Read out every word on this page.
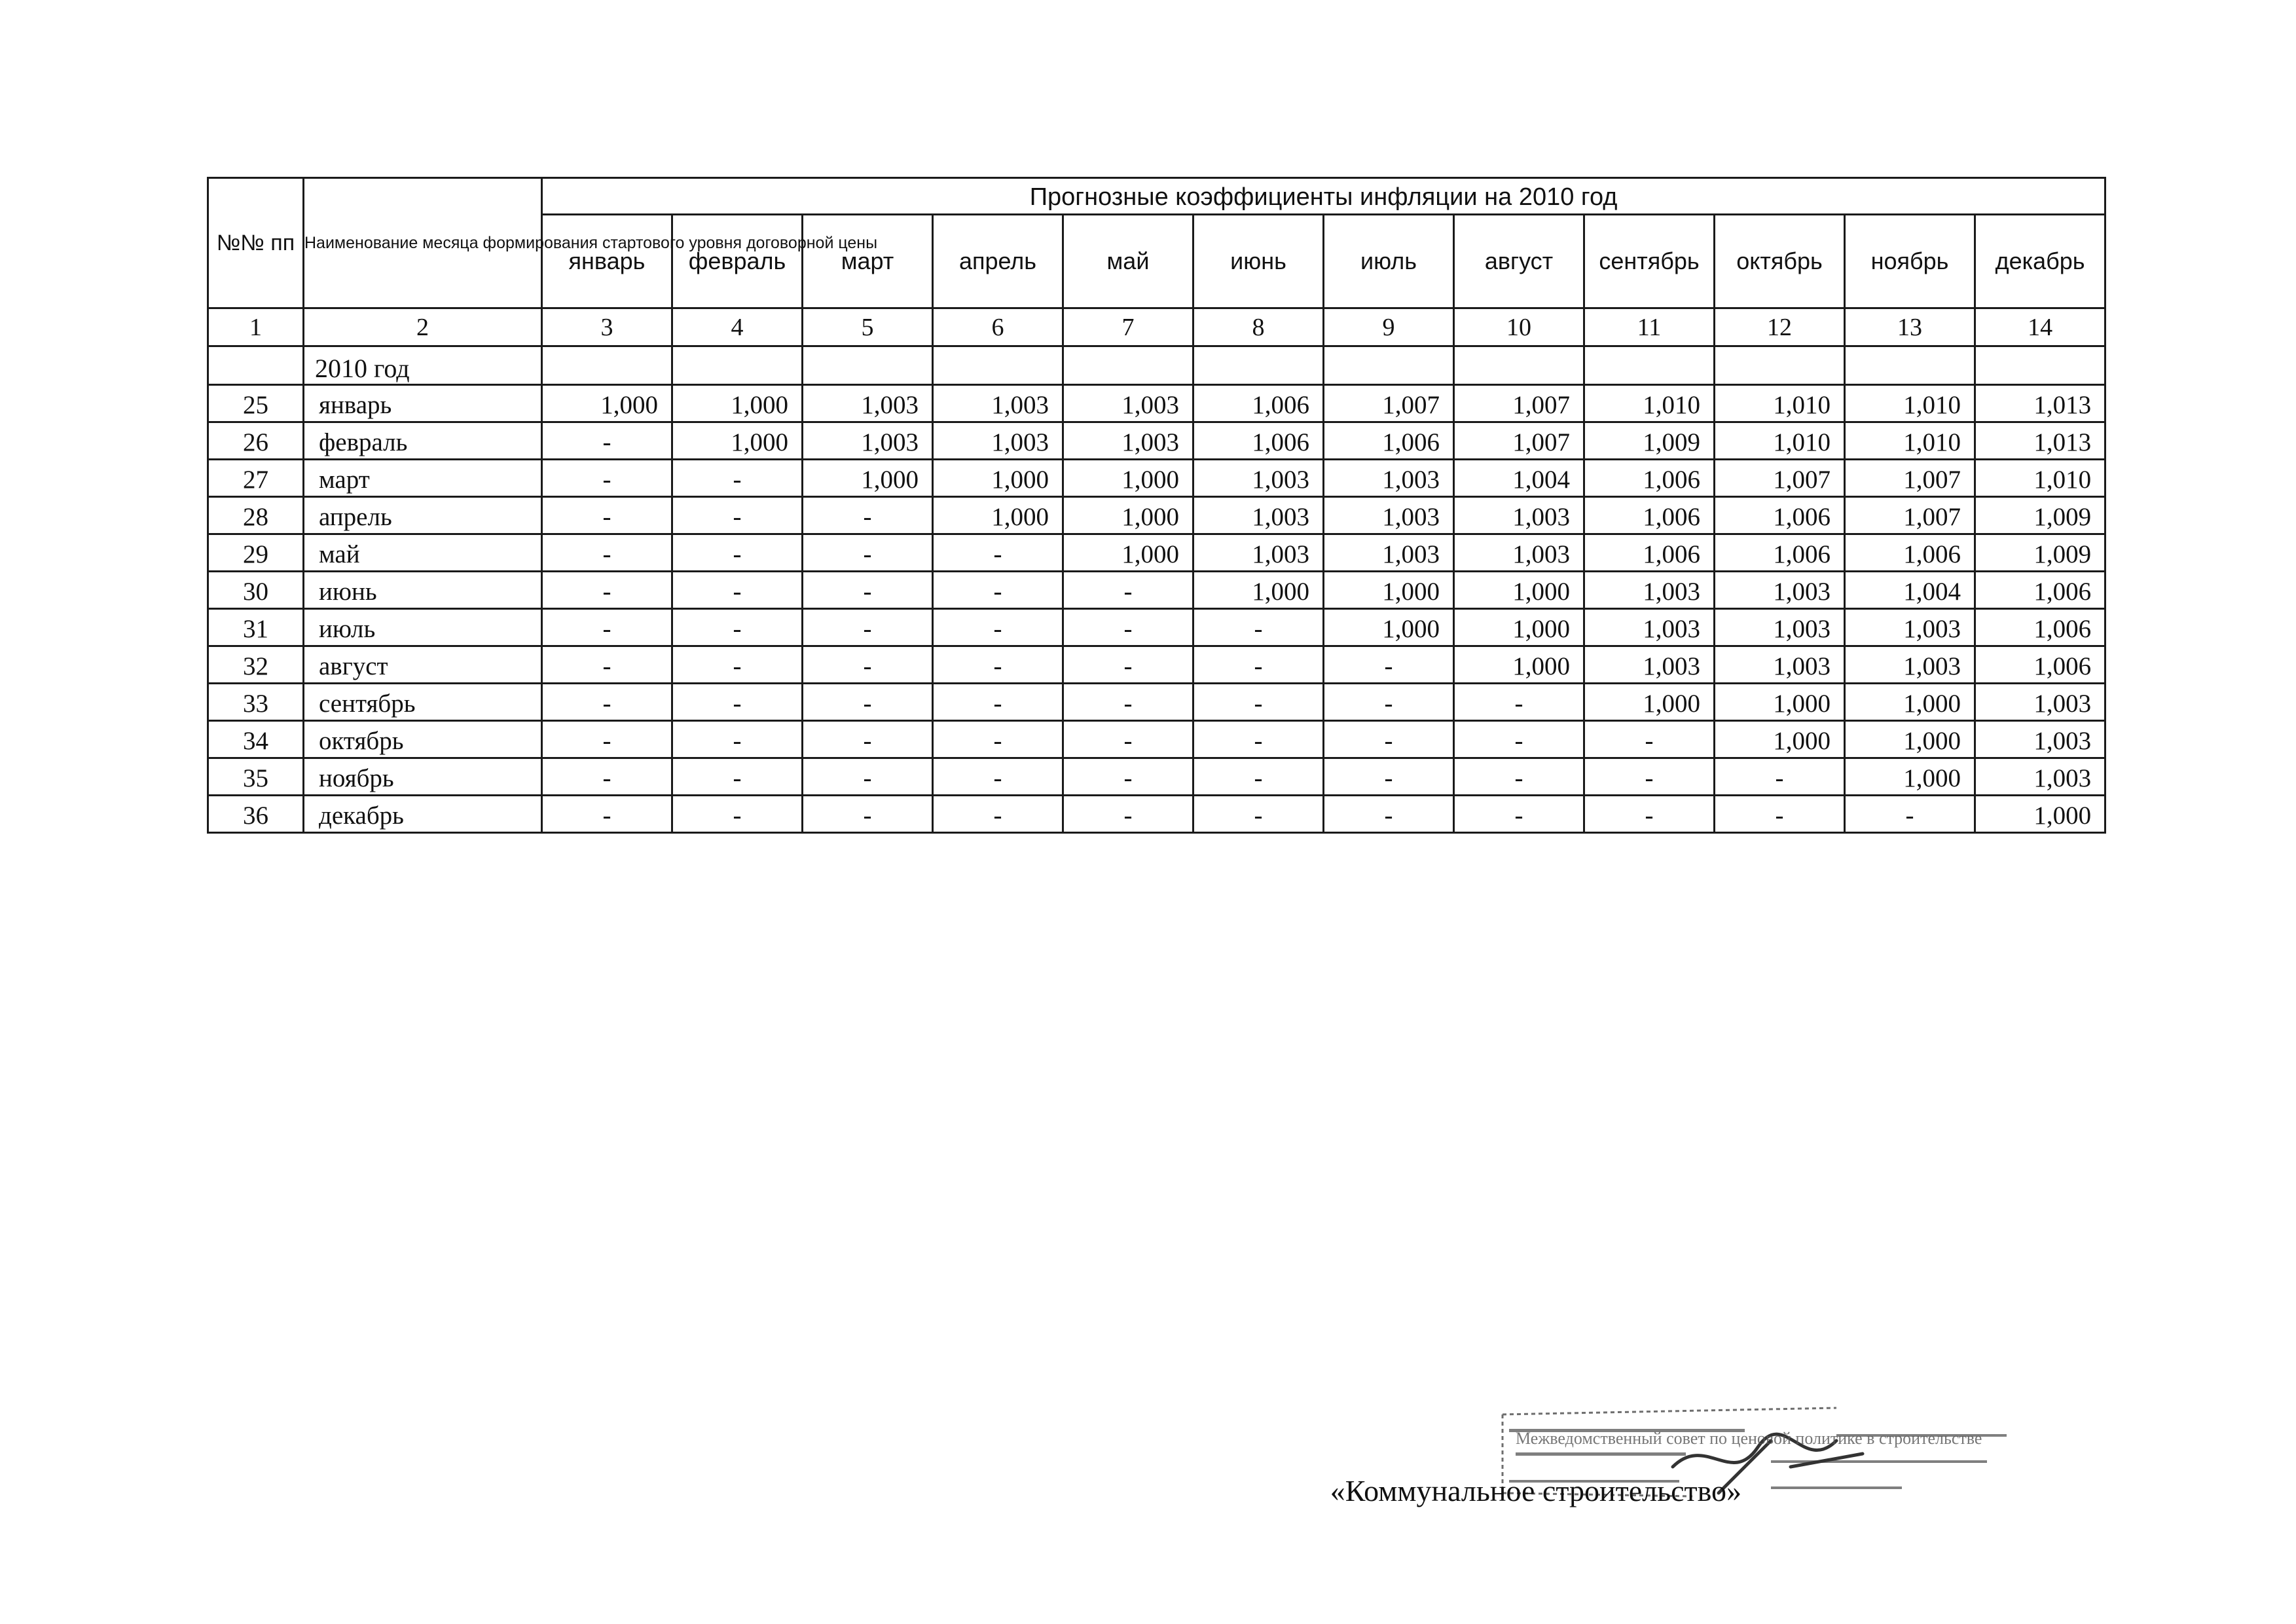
№№ пп	Наименование месяца формирования стартового уровня договорной цены	Прогнозные коэффициенты инфляции на 2010 год											
		январь	февраль	март	апрель	май	июнь	июль	август	сентябрь	октябрь	ноябрь	декабрь
1	2	3	4	5	6	7	8	9	10	11	12	13	14
	2010 год												
25	январь	1,000	1,000	1,003	1,003	1,003	1,006	1,007	1,007	1,010	1,010	1,010	1,013
26	февраль	-	1,000	1,003	1,003	1,003	1,006	1,006	1,007	1,009	1,010	1,010	1,013
27	март	-	-	1,000	1,000	1,000	1,003	1,003	1,004	1,006	1,007	1,007	1,010
28	апрель	-	-	-	1,000	1,000	1,003	1,003	1,003	1,006	1,006	1,007	1,009
29	май	-	-	-	-	1,000	1,003	1,003	1,003	1,006	1,006	1,006	1,009
30	июнь	-	-	-	-	-	1,000	1,000	1,000	1,003	1,003	1,004	1,006
31	июль	-	-	-	-	-	-	1,000	1,000	1,003	1,003	1,003	1,006
32	август	-	-	-	-	-	-	-	1,000	1,003	1,003	1,003	1,006
33	сентябрь	-	-	-	-	-	-	-	-	1,000	1,000	1,000	1,003
34	октябрь	-	-	-	-	-	-	-	-	-	1,000	1,000	1,003
35	ноябрь	-	-	-	-	-	-	-	-	-	-	1,000	1,003
36	декабрь	-	-	-	-	-	-	-	-	-	-	-	1,000
Межведомственный совет по ценовой политике в строительстве
«Коммунальное строительство»
